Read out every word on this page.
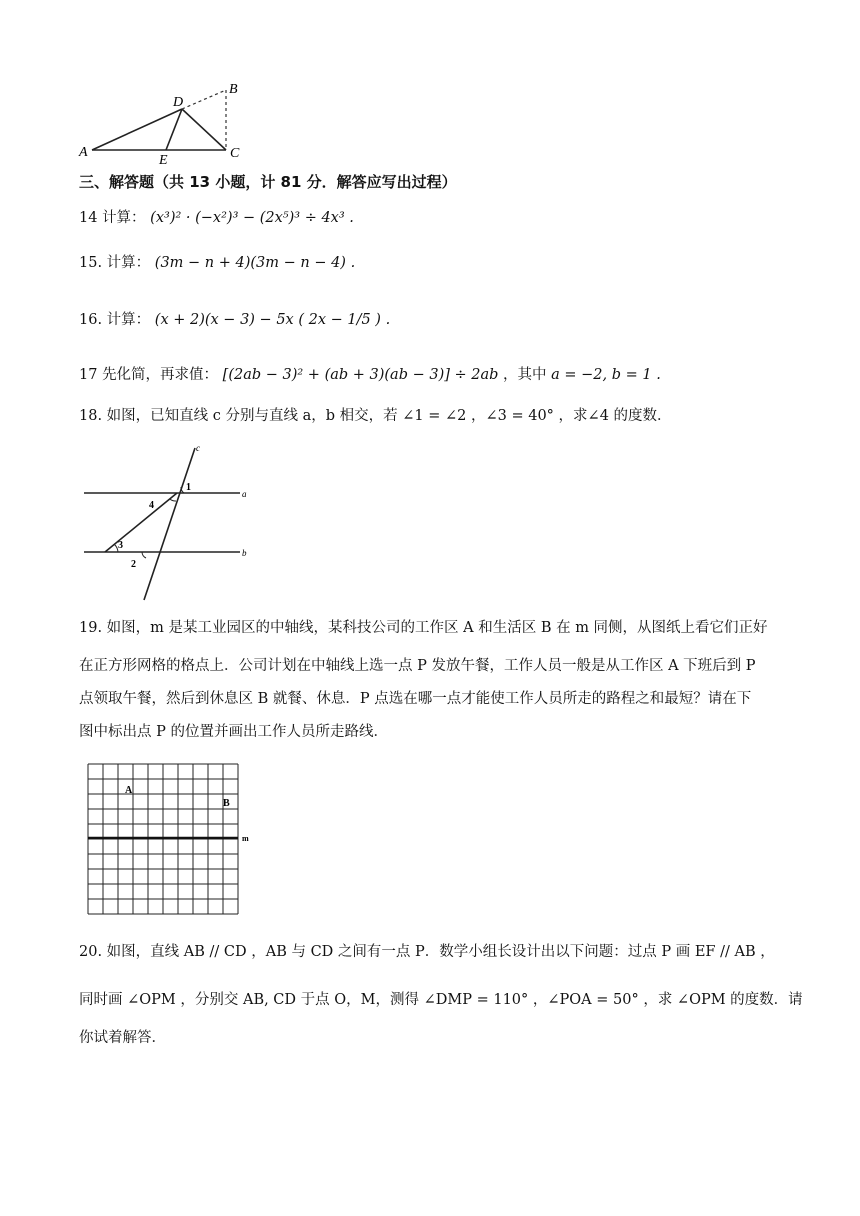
A
B
C
D
E
三、解答题（共 13 小题，计 81 分．解答应写出过程）
14 计算： (x³)² · (−x²)³ − (2x⁵)³ ÷ 4x³ .
15. 计算： (3m − n + 4)(3m − n − 4) .
16. 计算： (x + 2)(x − 3) − 5x ( 2x − 1/5 ) .
17 先化简，再求值： [(2ab − 3)² + (ab + 3)(ab − 3)] ÷ 2ab ，其中 a = −2, b = 1 .
18. 如图，已知直线 c 分别与直线 a，b 相交，若 ∠1 = ∠2 ，∠3 = 40° ，求∠4 的度数．
c
a
b
1
2
3
4
19. 如图，m 是某工业园区的中轴线，某科技公司的工作区 A 和生活区 B 在 m 同侧，从图纸上看它们正好
在正方形网格的格点上．公司计划在中轴线上选一点 P 发放午餐，工作人员一般是从工作区 A 下班后到 P
点领取午餐，然后到休息区 B 就餐、休息．P 点选在哪一点才能使工作人员所走的路程之和最短？请在下
图中标出点 P 的位置并画出工作人员所走路线．
A
B
m
20. 如图，直线 AB // CD ，AB 与 CD 之间有一点 P．数学小组长设计出以下问题：过点 P 画 EF // AB ，
同时画 ∠OPM ，分别交 AB, CD 于点 O，M，测得 ∠DMP = 110° ，∠POA = 50° ，求 ∠OPM 的度数．请
你试着解答．
